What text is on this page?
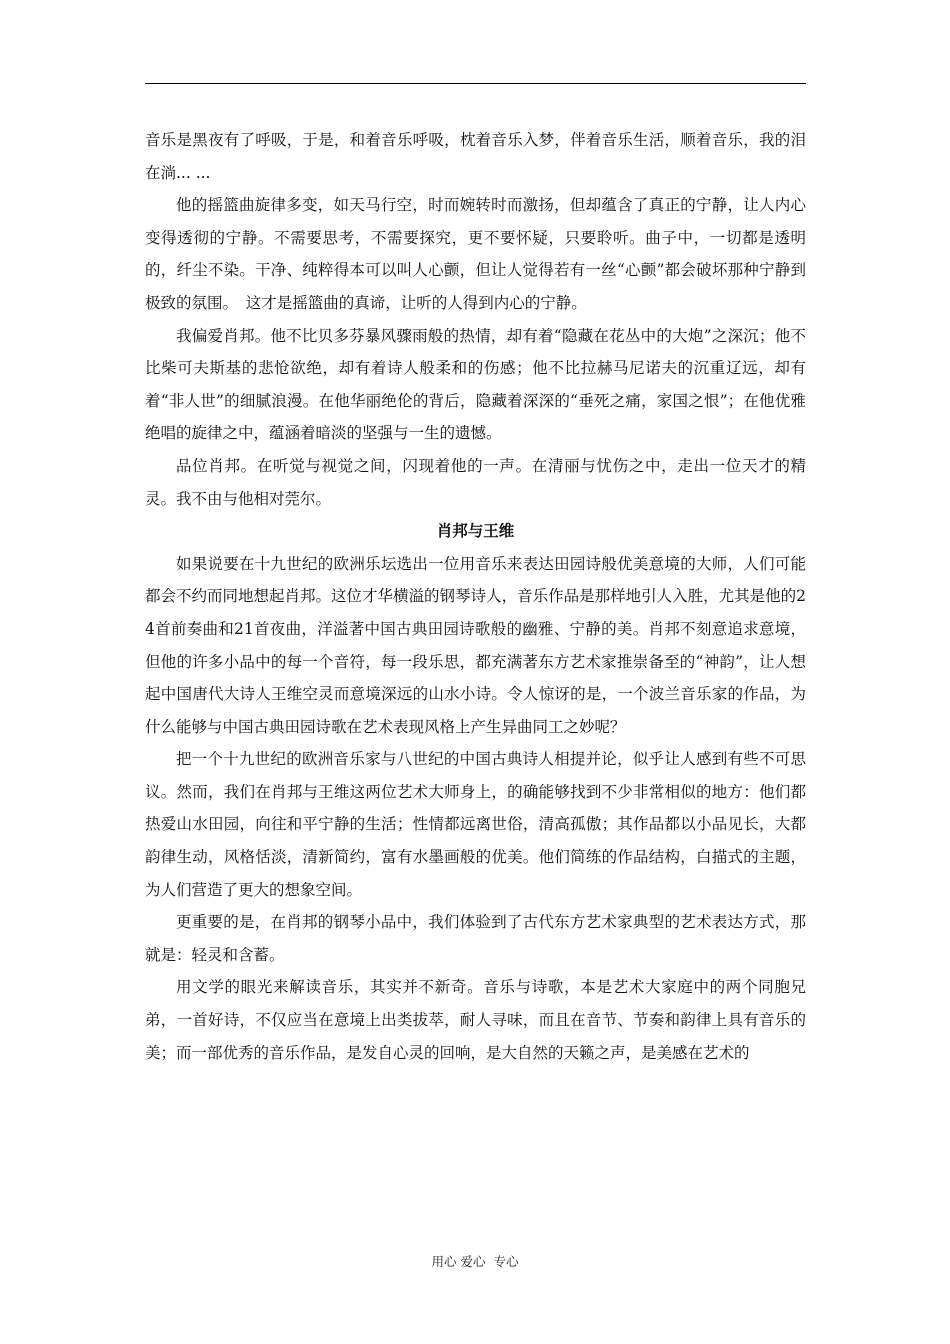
音乐是黑夜有了呼吸，于是，和着音乐呼吸，枕着音乐入梦，伴着音乐生活，顺着音乐，我的泪在淌... ...

他的摇篮曲旋律多变，如天马行空，时而婉转时而激扬，但却蕴含了真正的宁静，让人内心变得透彻的宁静。不需要思考，不需要探究，更不要怀疑，只要聆听。曲子中，一切都是透明的，纤尘不染。干净、纯粹得本可以叫人心颤，但让人觉得若有一丝“心颤”都会破坏那种宁静到极致的氛围。　这才是摇篮曲的真谛，让听的人得到内心的宁静。

我偏爱肖邦。他不比贝多芬暴风骤雨般的热情，却有着“隐藏在花丛中的大炮”之深沉；他不比柴可夫斯基的悲怆欲绝，却有着诗人般柔和的伤感；他不比拉赫马尼诺夫的沉重辽远，却有着“非人世”的细腻浪漫。在他华丽绝伦的背后，隐藏着深深的“垂死之痛，家国之恨”；在他优雅绝唱的旋律之中，蕴涵着暗淡的坚强与一生的遗憾。

品位肖邦。在听觉与视觉之间，闪现着他的一声。在清丽与忧伤之中，走出一位天才的精灵。我不由与他相对莞尔。

肖邦与王维

如果说要在十九世纪的欧洲乐坛选出一位用音乐来表达田园诗般优美意境的大师，人们可能都会不约而同地想起肖邦。这位才华横溢的钢琴诗人，音乐作品是那样地引人入胜，尤其是他的24首前奏曲和21首夜曲，洋溢著中国古典田园诗歌般的幽雅、宁静的美。肖邦不刻意追求意境，但他的许多小品中的每一个音符，每一段乐思，都充满著东方艺术家推崇备至的“神韵”，让人想起中国唐代大诗人王维空灵而意境深远的山水小诗。令人惊讶的是，一个波兰音乐家的作品，为什么能够与中国古典田园诗歌在艺术表现风格上产生异曲同工之妙呢？

把一个十九世纪的欧洲音乐家与八世纪的中国古典诗人相提并论，似乎让人感到有些不可思议。然而，我们在肖邦与王维这两位艺术大师身上，的确能够找到不少非常相似的地方：他们都热爱山水田园，向往和平宁静的生活；性情都远离世俗，清高孤傲；其作品都以小品见长，大都韵律生动，风格恬淡，清新简约，富有水墨画般的优美。他们简练的作品结构，白描式的主题，为人们营造了更大的想象空间。

更重要的是，在肖邦的钢琴小品中，我们体验到了古代东方艺术家典型的艺术表达方式，那就是：轻灵和含蓄。

用文学的眼光来解读音乐，其实并不新奇。音乐与诗歌，本是艺术大家庭中的两个同胞兄弟，一首好诗，不仅应当在意境上出类拔萃，耐人寻味，而且在音节、节奏和韵律上具有音乐的美；而一部优秀的音乐作品，是发自心灵的回响，是大自然的天籁之声，是美感在艺术的

用心 爱心  专心
